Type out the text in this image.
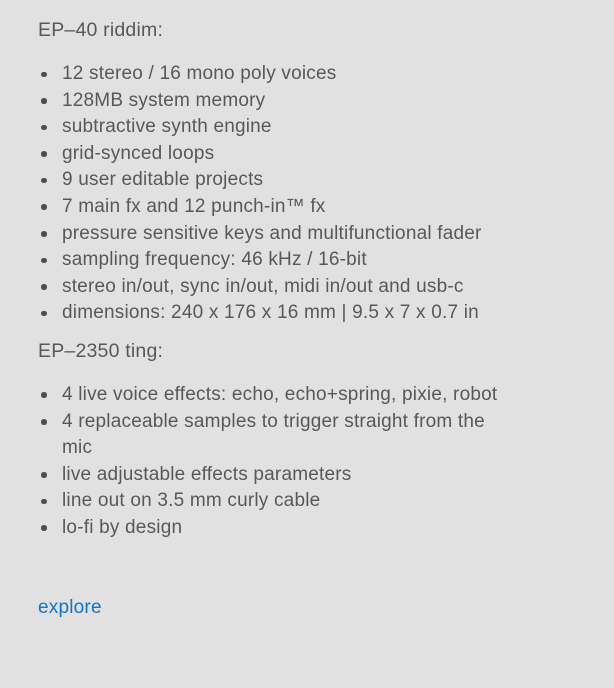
EP–40 riddim:
12 stereo / 16 mono poly voices
128MB system memory
subtractive synth engine
grid-synced loops
9 user editable projects
7 main fx and 12 punch-in™ fx
pressure sensitive keys and multifunctional fader
sampling frequency: 46 kHz / 16-bit
stereo in/out, sync in/out, midi in/out and usb-c
dimensions: 240 x 176 x 16 mm | 9.5 x 7 x 0.7 in
EP–2350 ting:
4 live voice effects: echo, echo+spring, pixie, robot
4 replaceable samples to trigger straight from the mic
live adjustable effects parameters
line out on 3.5 mm curly cable
lo-fi by design
explore
